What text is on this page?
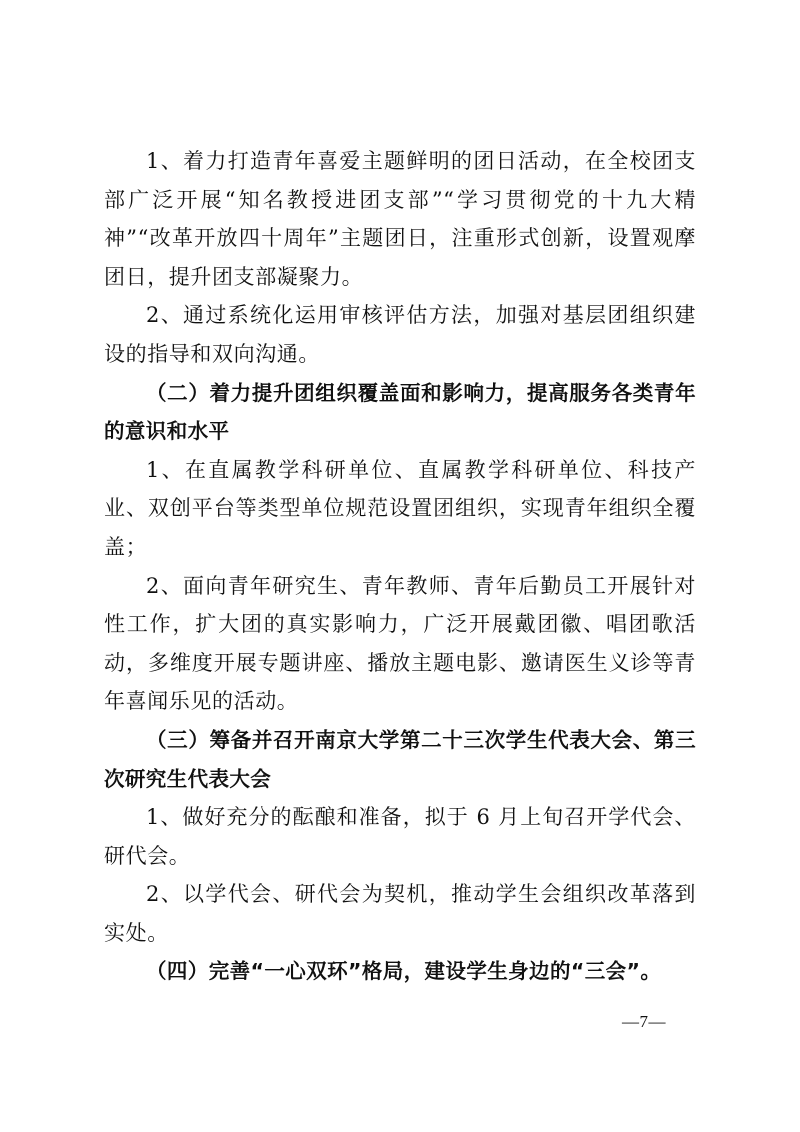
1、着力打造青年喜爱主题鲜明的团日活动，在全校团支部广泛开展“知名教授进团支部”“学习贯彻党的十九大精神”“改革开放四十周年”主题团日，注重形式创新，设置观摩团日，提升团支部凝聚力。

2、通过系统化运用审核评估方法，加强对基层团组织建设的指导和双向沟通。

（二）着力提升团组织覆盖面和影响力，提高服务各类青年的意识和水平

1、在直属教学科研单位、直属教学科研单位、科技产业、双创平台等类型单位规范设置团组织，实现青年组织全覆盖；

2、面向青年研究生、青年教师、青年后勤员工开展针对性工作，扩大团的真实影响力，广泛开展戴团徽、唱团歌活动，多维度开展专题讲座、播放主题电影、邀请医生义诊等青年喜闻乐见的活动。

（三）筹备并召开南京大学第二十三次学生代表大会、第三次研究生代表大会

1、做好充分的酝酿和准备，拟于 6 月上旬召开学代会、研代会。

2、以学代会、研代会为契机，推动学生会组织改革落到实处。

（四）完善“一心双环”格局，建设学生身边的“三会”。

—7—
